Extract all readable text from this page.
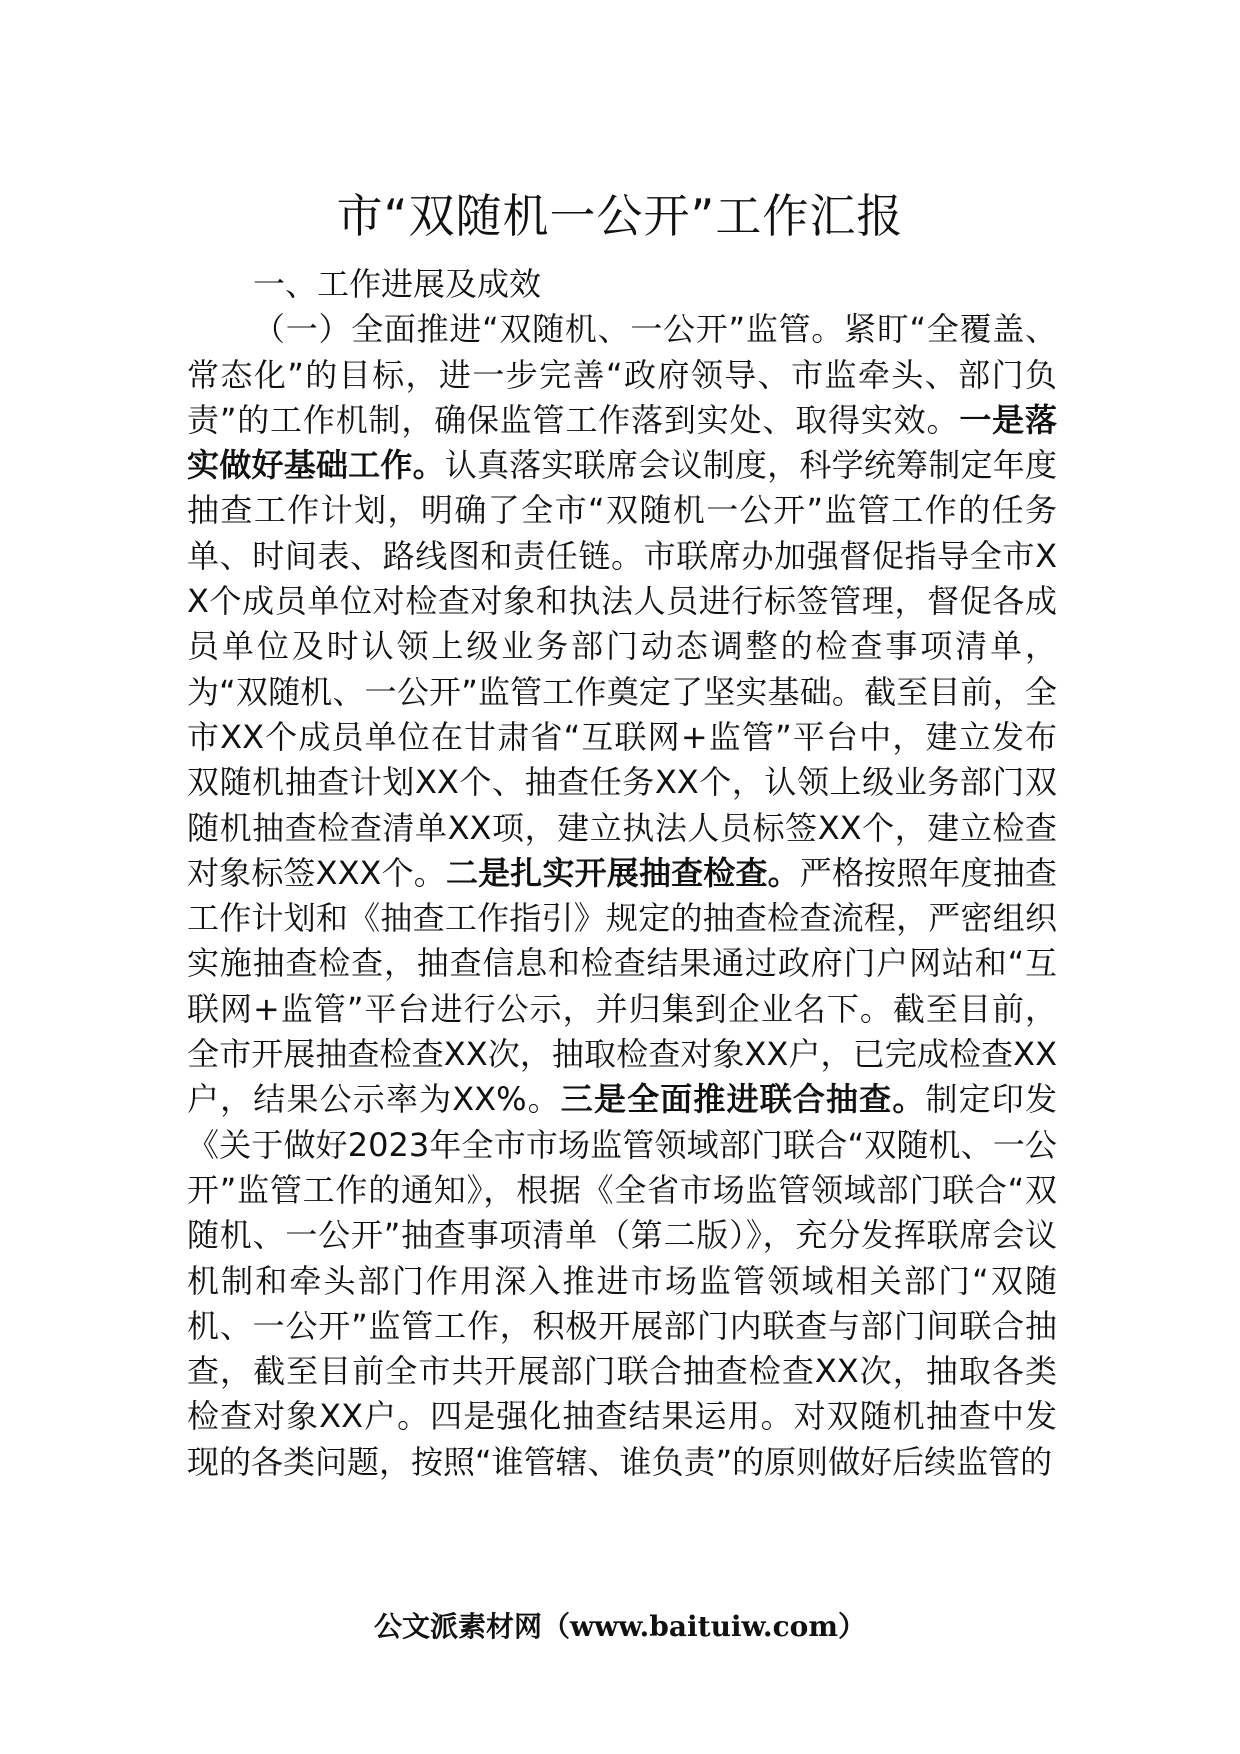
市“双随机一公开”工作汇报

一、工作进展及成效

（一）全面推进“双随机、一公开”监管。紧盯“全覆盖、常态化”的目标，进一步完善“政府领导、市监牵头、部门负责”的工作机制，确保监管工作落到实处、取得实效。一是落实做好基础工作。认真落实联席会议制度，科学统筹制定年度抽查工作计划，明确了全市“双随机一公开”监管工作的任务单、时间表、路线图和责任链。市联席办加强督促指导全市XX个成员单位对检查对象和执法人员进行标签管理，督促各成员单位及时认领上级业务部门动态调整的检查事项清单，为“双随机、一公开”监管工作奠定了坚实基础。截至目前，全市XX个成员单位在甘肃省“互联网+监管”平台中，建立发布双随机抽查计划XX个、抽查任务XX个，认领上级业务部门双随机抽查检查清单XX项，建立执法人员标签XX个，建立检查对象标签XXX个。二是扎实开展抽查检查。严格按照年度抽查工作计划和《抽查工作指引》规定的抽查检查流程，严密组织实施抽查检查，抽查信息和检查结果通过政府门户网站和“互联网+监管”平台进行公示，并归集到企业名下。截至目前，全市开展抽查检查XX次，抽取检查对象XX户，已完成检查XX户，结果公示率为XX%。三是全面推进联合抽查。制定印发《关于做好2023年全市市场监管领域部门联合“双随机、一公开”监管工作的通知》，根据《全省市场监管领域部门联合“双随机、一公开”抽查事项清单（第二版）》，充分发挥联席会议机制和牵头部门作用深入推进市场监管领域相关部门“双随机、一公开”监管工作，积极开展部门内联查与部门间联合抽查，截至目前全市共开展部门联合抽查检查XX次，抽取各类检查对象XX户。四是强化抽查结果运用。对双随机抽查中发现的各类问题，按照“谁管辖、谁负责”的原则做好后续监管的

公文派素材网（www.baituiw.com）
